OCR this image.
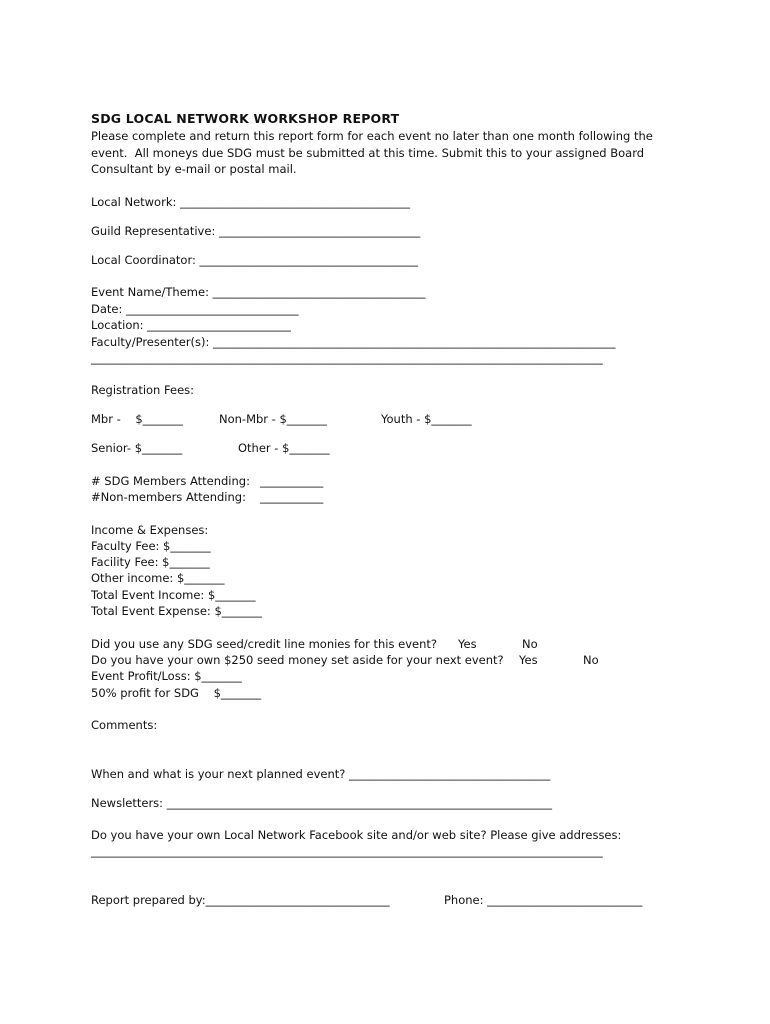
SDG LOCAL NETWORK WORKSHOP REPORT
Please complete and return this report form for each event no later than one month following the
event.  All moneys due SDG must be submitted at this time. Submit this to your assigned Board
Consultant by e-mail or postal mail.
Local Network: ________________________________________
Guild Representative: ___________________________________
Local Coordinator: ______________________________________
Event Name/Theme: _____________________________________
Date: ______________________________
Location: _________________________
Faculty/Presenter(s): ______________________________________________________________________
_________________________________________________________________________________________
Registration Fees:
Mbr -    $_______	Non-Mbr - $_______	Youth - $_______
Senior- $_______	Other - $_______
# SDG Members Attending: ___________
#Non-members Attending: ___________
Income & Expenses:
Faculty Fee: $_______
Facility Fee: $_______
Other income: $_______
Total Event Income: $_______
Total Event Expense: $_______
Did you use any SDG seed/credit line monies for this event? Yes	No
Do you have your own $250 seed money set aside for your next event? Yes	No
Event Profit/Loss: $_______
50% profit for SDG    $_______
Comments:
When and what is your next planned event? ___________________________________
Newsletters: ___________________________________________________________________
Do you have your own Local Network Facebook site and/or web site? Please give addresses:
_________________________________________________________________________________________
Report prepared by:________________________________	Phone: ___________________________
